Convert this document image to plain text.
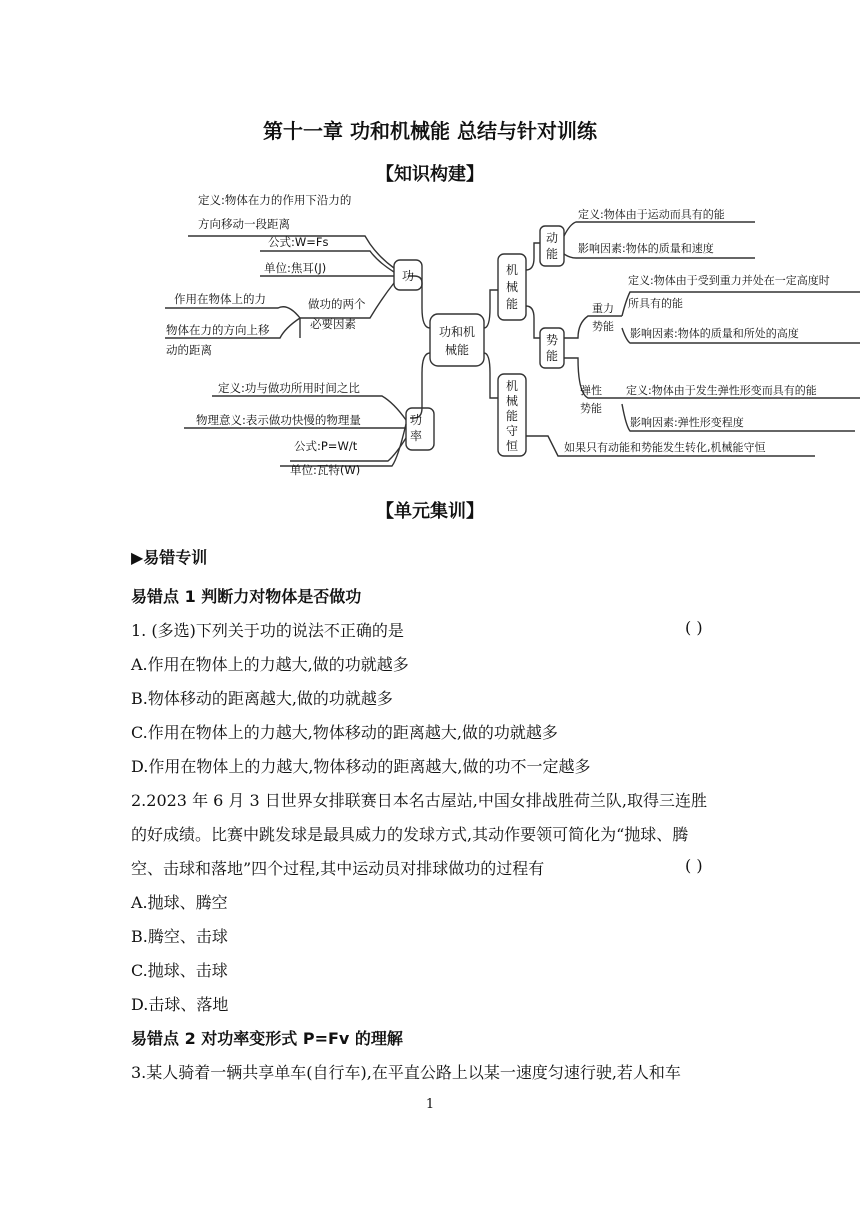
第十一章 功和机械能 总结与针对训练
【知识构建】
功和机
械能
功
定义:物体在力的作用下沿力的
方向移动一段距离
公式:W=Fs
单位:焦耳(J)
做功的两个
必要因素
作用在物体上的力
物体在力的方向上移
动的距离
功
率
定义:功与做功所用时间之比
物理意义:表示做功快慢的物理量
公式:P=W/t
单位:瓦特(W)
机
械
能
动
能
定义:物体由于运动而具有的能
影响因素:物体的质量和速度
势
能
重力
势能
定义:物体由于受到重力并处在一定高度时
所具有的能
影响因素:物体的质量和所处的高度
弹性
势能
定义:物体由于发生弹性形变而具有的能
影响因素:弹性形变程度
机
械
能
守
恒	如果只有动能和势能发生转化,机械能守恒
【单元集训】
▶易错专训
易错点 1 判断力对物体是否做功
1. (多选)下列关于功的说法不正确的是	( )
A.作用在物体上的力越大,做的功就越多
B.物体移动的距离越大,做的功就越多
C.作用在物体上的力越大,物体移动的距离越大,做的功就越多
D.作用在物体上的力越大,物体移动的距离越大,做的功不一定越多
2.2023 年 6 月 3 日世界女排联赛日本名古屋站,中国女排战胜荷兰队,取得三连胜
的好成绩。比赛中跳发球是最具威力的发球方式,其动作要领可简化为“抛球、腾
空、击球和落地”四个过程,其中运动员对排球做功的过程有	( )
A.抛球、腾空
B.腾空、击球
C.抛球、击球
D.击球、落地
易错点 2 对功率变形式 P=Fv 的理解
3.某人骑着一辆共享单车(自行车),在平直公路上以某一速度匀速行驶,若人和车
1
